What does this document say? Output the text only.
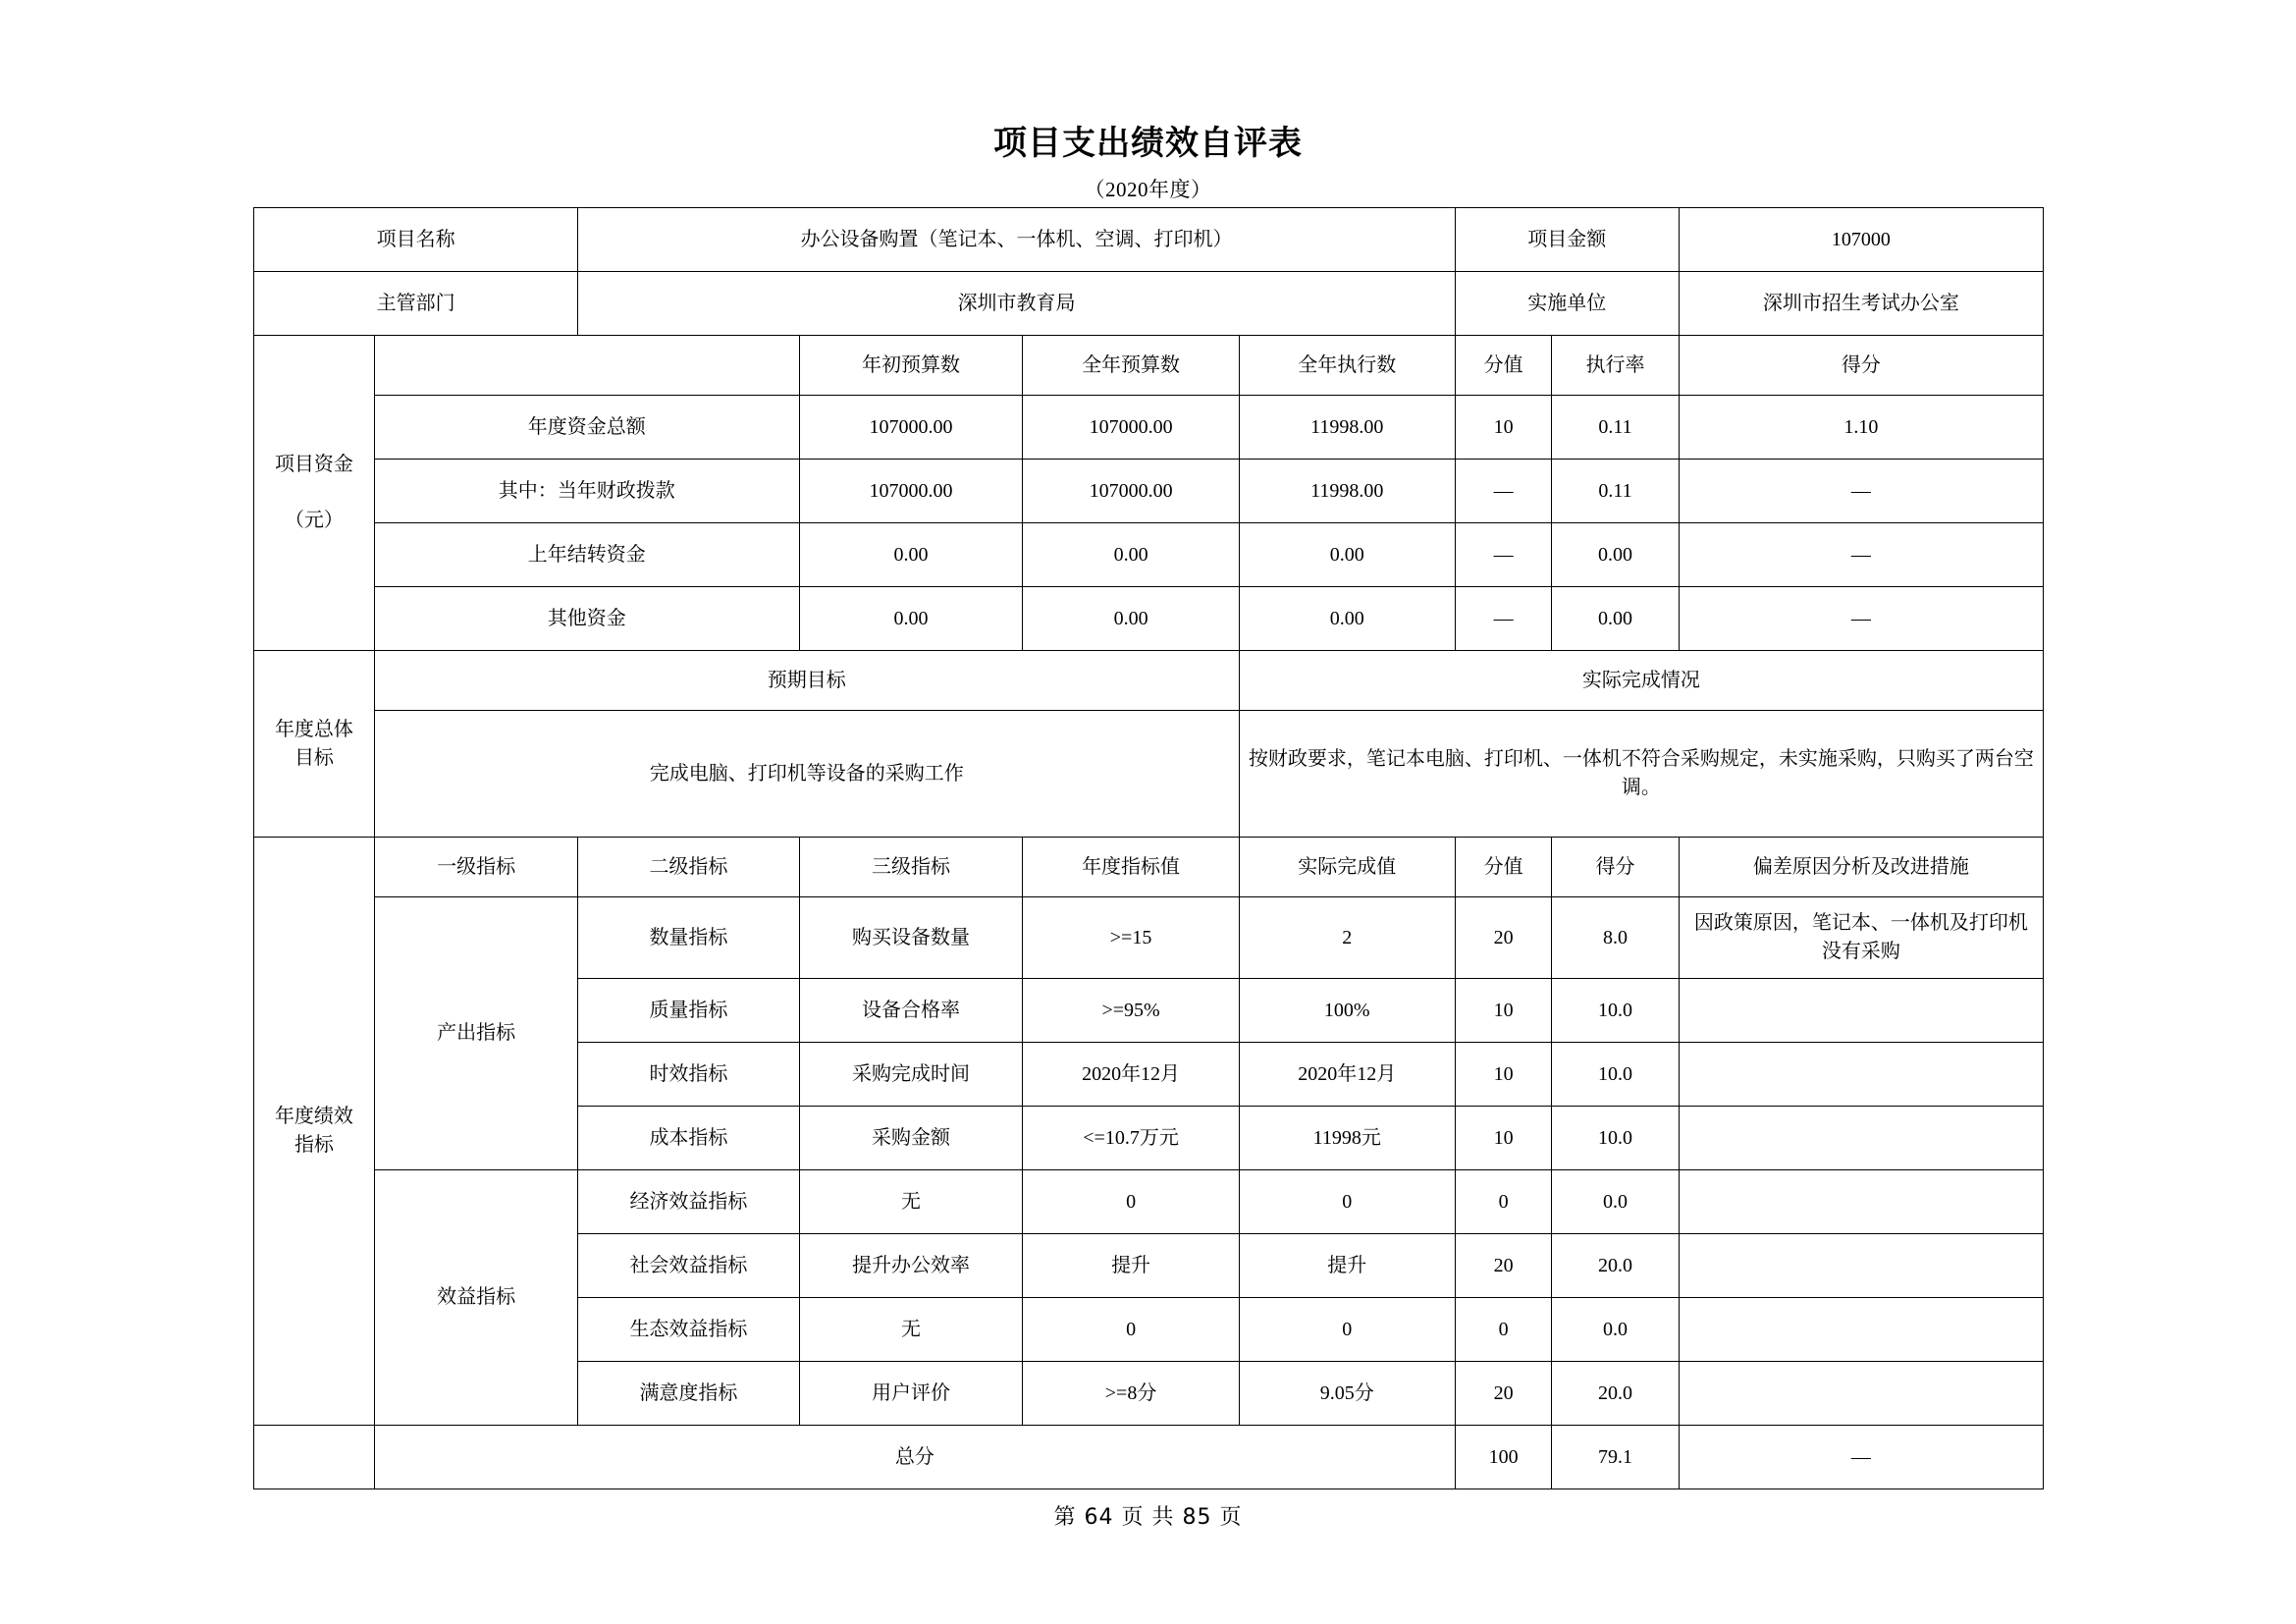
项目支出绩效自评表
（2020年度）
项目名称		办公设备购置（笔记本、一体机、空调、打印机）				项目金额		107000
主管部门		深圳市教育局				实施单位		深圳市招生考试办公室

项目资金
（元）			年初预算数	全年预算数	全年执行数	分值	执行率	得分
	年度资金总额		107000.00	107000.00	11998.00	10	0.11	1.10
	其中：当年财政拨款		107000.00	107000.00	11998.00	—	0.11	—
	上年结转资金		0.00	0.00	0.00	—	0.00	—
	其他资金		0.00	0.00	0.00	—	0.00	—

年度总体
目标	预期目标				实际完成情况			
	完成电脑、打印机等设备的采购工作				按财政要求，笔记本电脑、打印机、一体机不符合采购规定，未实施采购，只购买了两台空调。			

年度绩效
指标	一级指标	二级指标	三级指标	年度指标值	实际完成值	分值	得分	偏差原因分析及改进措施
	产出指标	数量指标	购买设备数量	>=15	2	20	8.0	因政策原因，笔记本、一体机及打印机没有采购
		质量指标	设备合格率	>=95%	100%	10	10.0	
		时效指标	采购完成时间	2020年12月	2020年12月	10	10.0	
		成本指标	采购金额	<=10.7万元	11998元	10	10.0	
	效益指标	经济效益指标	无	0	0	0	0.0	
		社会效益指标	提升办公效率	提升	提升	20	20.0	
		生态效益指标	无	0	0	0	0.0	
		满意度指标	用户评价	>=8分	9.05分	20	20.0	
	总分					100	79.1	—
第 64 页 共 85 页
